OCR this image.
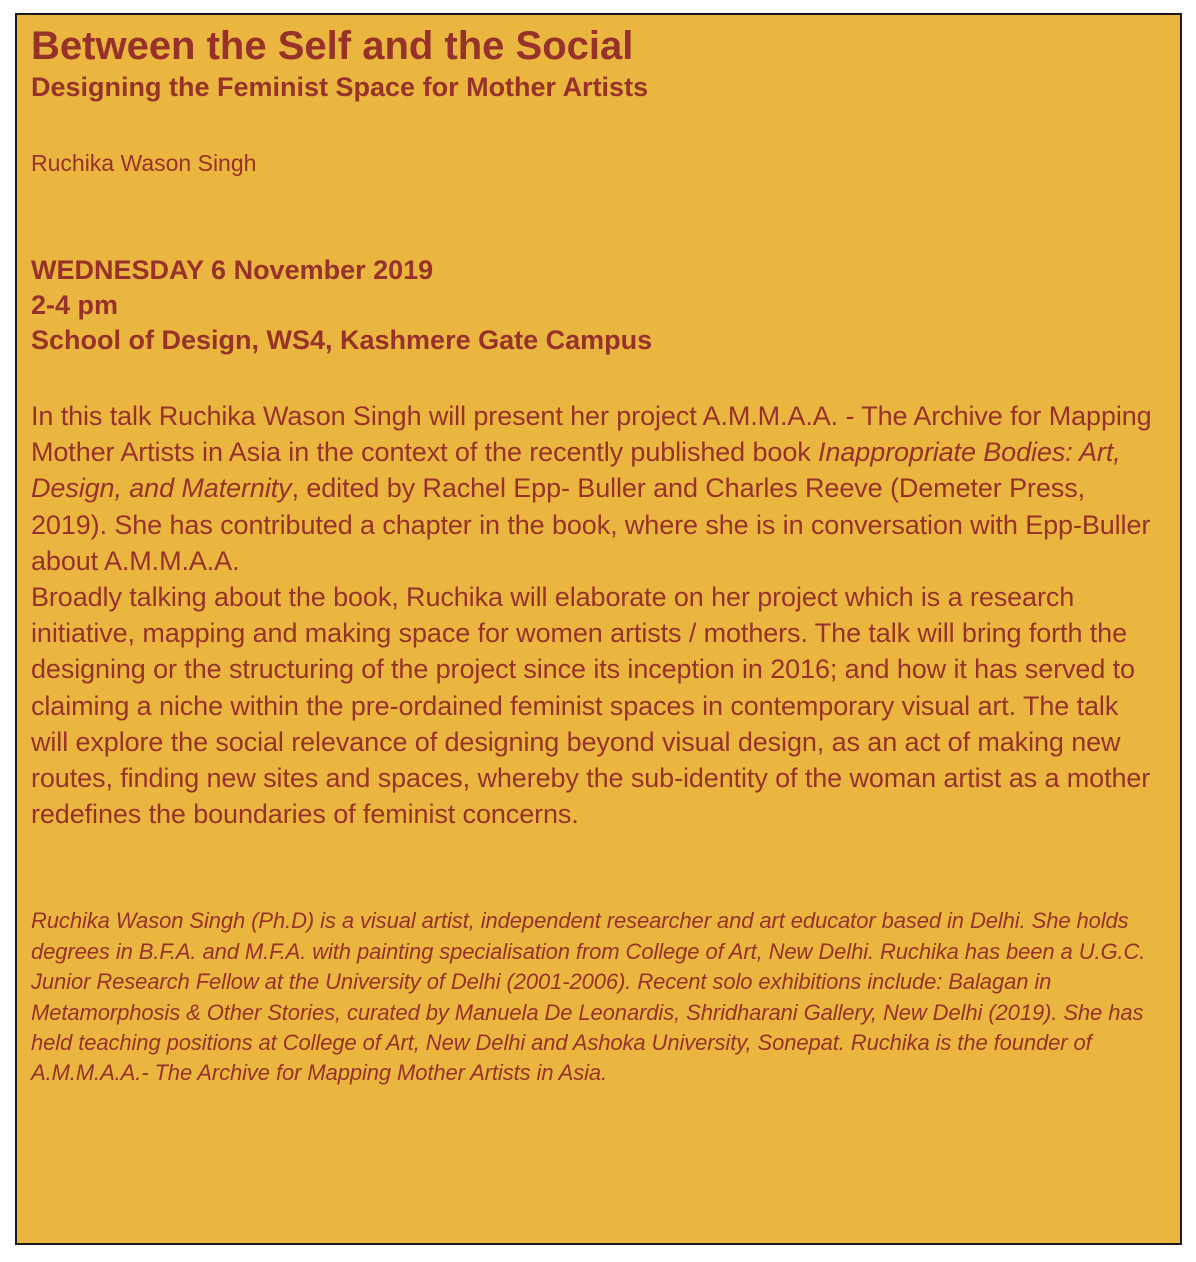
Between the Self and the Social
Designing the Feminist Space for Mother Artists
Ruchika Wason Singh
WEDNESDAY 6 November 2019
2-4 pm
School of Design, WS4, Kashmere Gate Campus

In this talk Ruchika Wason Singh will present her project A.M.M.A.A. - The Archive for Mapping Mother Artists in Asia in the context of the recently published book Inappropriate Bodies: Art, Design, and Maternity, edited by Rachel Epp- Buller and Charles Reeve (Demeter Press, 2019). She has contributed a chapter in the book, where she is in conversation with Epp-Buller about A.M.M.A.A.

Broadly talking about the book, Ruchika will elaborate on her project which is a research initiative, mapping and making space for women artists / mothers. The talk will bring forth the designing or the structuring of the project since its inception in 2016; and how it has served to claiming a niche within the pre-ordained feminist spaces in contemporary visual art. The talk will explore the social relevance of designing beyond visual design, as an act of making new routes, finding new sites and spaces, whereby the sub-identity of the woman artist as a mother redefines the boundaries of feminist concerns.

Ruchika Wason Singh (Ph.D) is a visual artist, independent researcher and art educator based in Delhi. She holds degrees in B.F.A. and M.F.A. with painting specialisation from College of Art, New Delhi. Ruchika has been a U.G.C. Junior Research Fellow at the University of Delhi (2001-2006). Recent solo exhibitions include: Balagan in Metamorphosis & Other Stories, curated by Manuela De Leonardis, Shridharani Gallery, New Delhi (2019). She has held teaching positions at College of Art, New Delhi and Ashoka University, Sonepat. Ruchika is the founder of A.M.M.A.A.- The Archive for Mapping Mother Artists in Asia.
